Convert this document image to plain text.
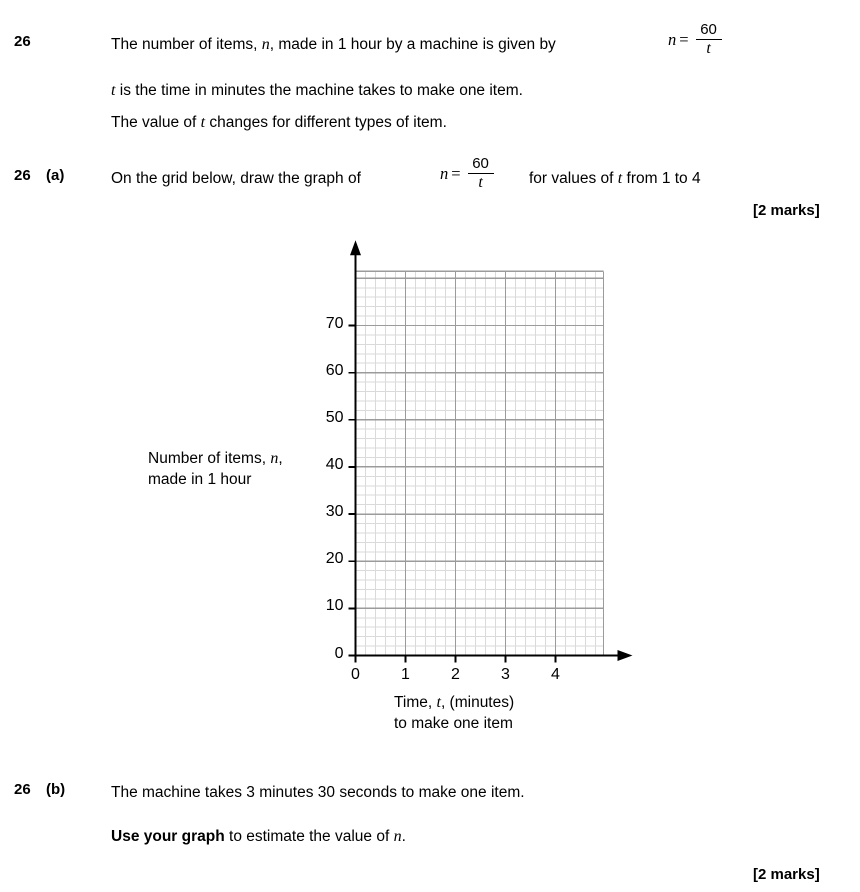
26	The number of items, n, made in 1 hour by a machine is given by	$n = \frac{60}{t}$
t is the time in minutes the machine takes to make one item.
The value of t changes for different types of item.
26 (a)	On the grid below, draw the graph of	$n = \frac{60}{t}$ for values of t from 1 to 4
[2 marks]
Number of items, n,
made in 1 hour
Time, t, (minutes)
to make one item
0
10
20
30
40
50
60
70
0	1	2	3	4
26 (b)	The machine takes 3 minutes 30 seconds to make one item.
Use your graph to estimate the value of n.
[2 marks]
